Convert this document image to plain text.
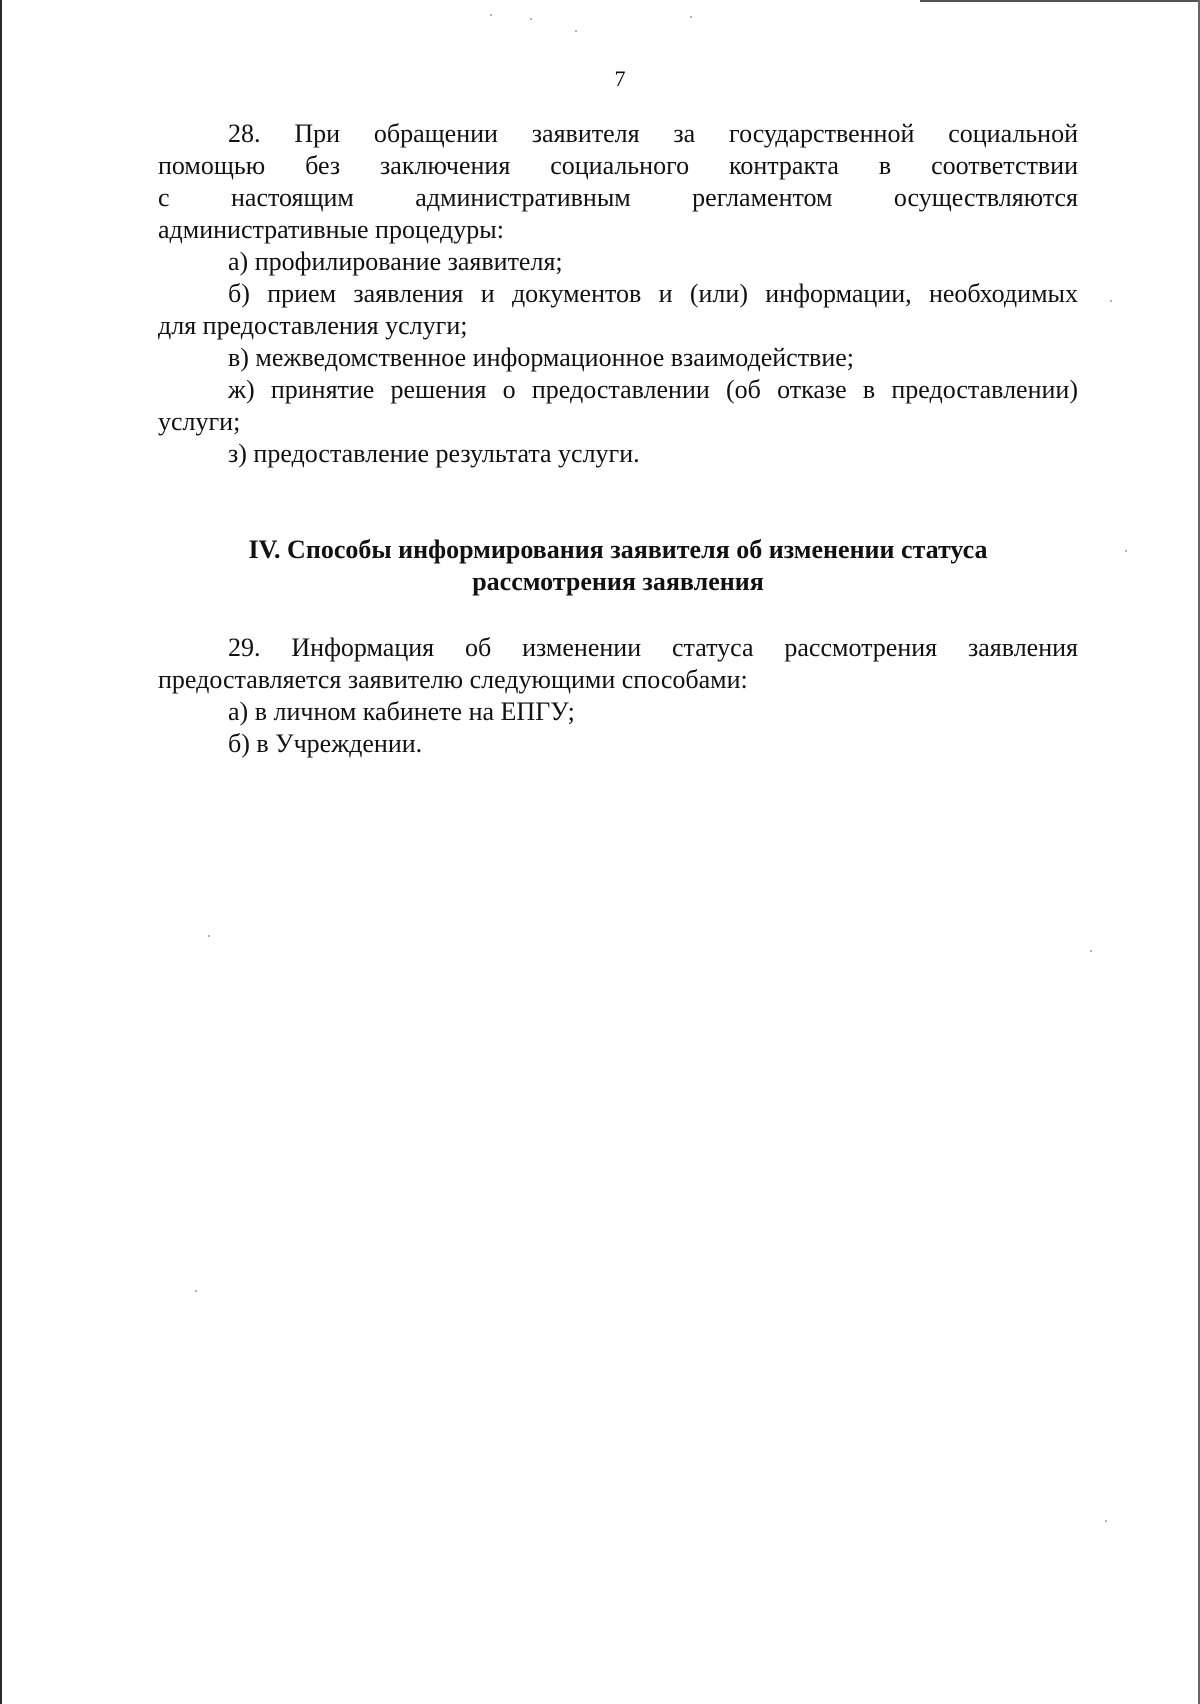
7
28. При обращении заявителя за государственной социальной
помощью без заключения социального контракта в соответствии
с настоящим административным регламентом осуществляются
административные процедуры:
а) профилирование заявителя;
б) прием заявления и документов и (или) информации, необходимых
для предоставления услуги;
в) межведомственное информационное взаимодействие;
ж) принятие решения о предоставлении (об отказе в предоставлении)
услуги;
з) предоставление результата услуги.
IV. Способы информирования заявителя об изменении статуса
рассмотрения заявления
29. Информация об изменении статуса рассмотрения заявления
предоставляется заявителю следующими способами:
а) в личном кабинете на ЕПГУ;
б) в Учреждении.
